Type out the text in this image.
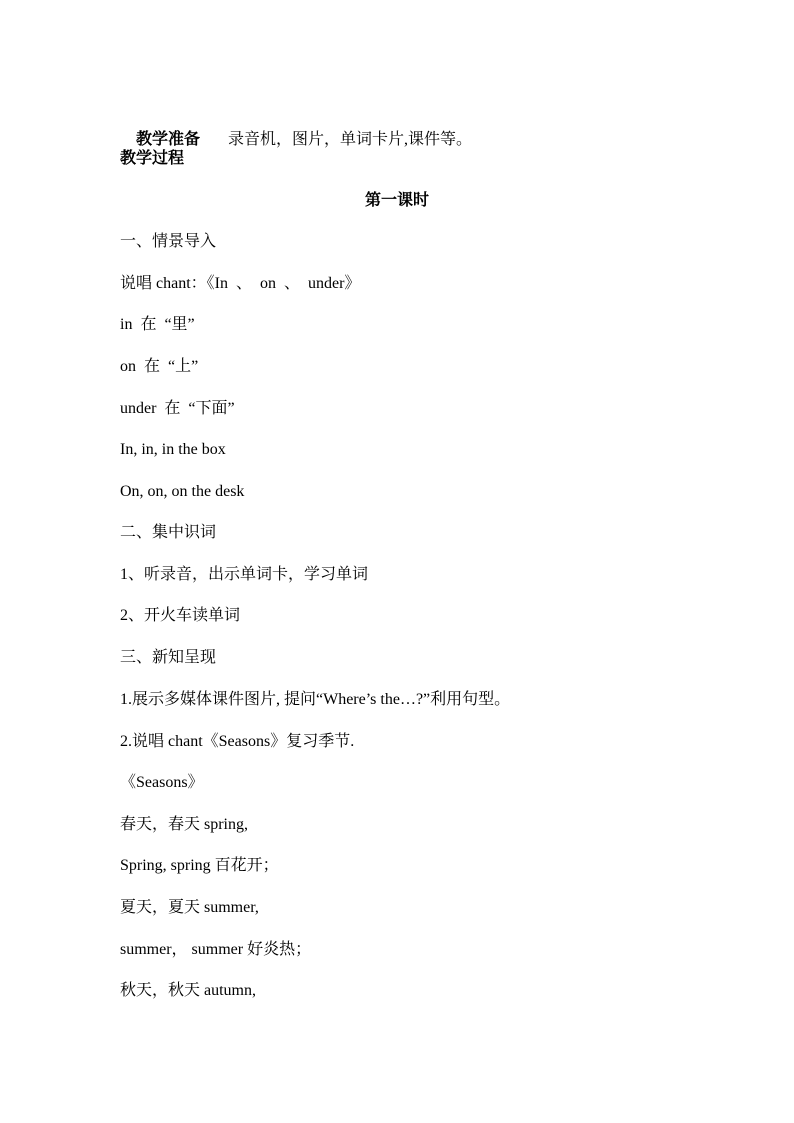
教学准备 录音机，图片，单词卡片,课件等。

教学过程
第一课时
一、情景导入
说唱 chant：《In  、  on  、  under》
in  在  “里”
on  在  “上”
under  在  “下面”
In, in, in the box
On, on, on the desk
二、集中识词
1、听录音，出示单词卡，学习单词
2、开火车读单词
三、新知呈现
1.展示多媒体课件图片, 提问“Where’s the…?”利用句型。
2.说唱 chant《Seasons》复习季节.
《Seasons》
春天，春天 spring,
Spring, spring 百花开；
夏天，夏天 summer,
summer， summer 好炎热；
秋天，秋天 autumn,
